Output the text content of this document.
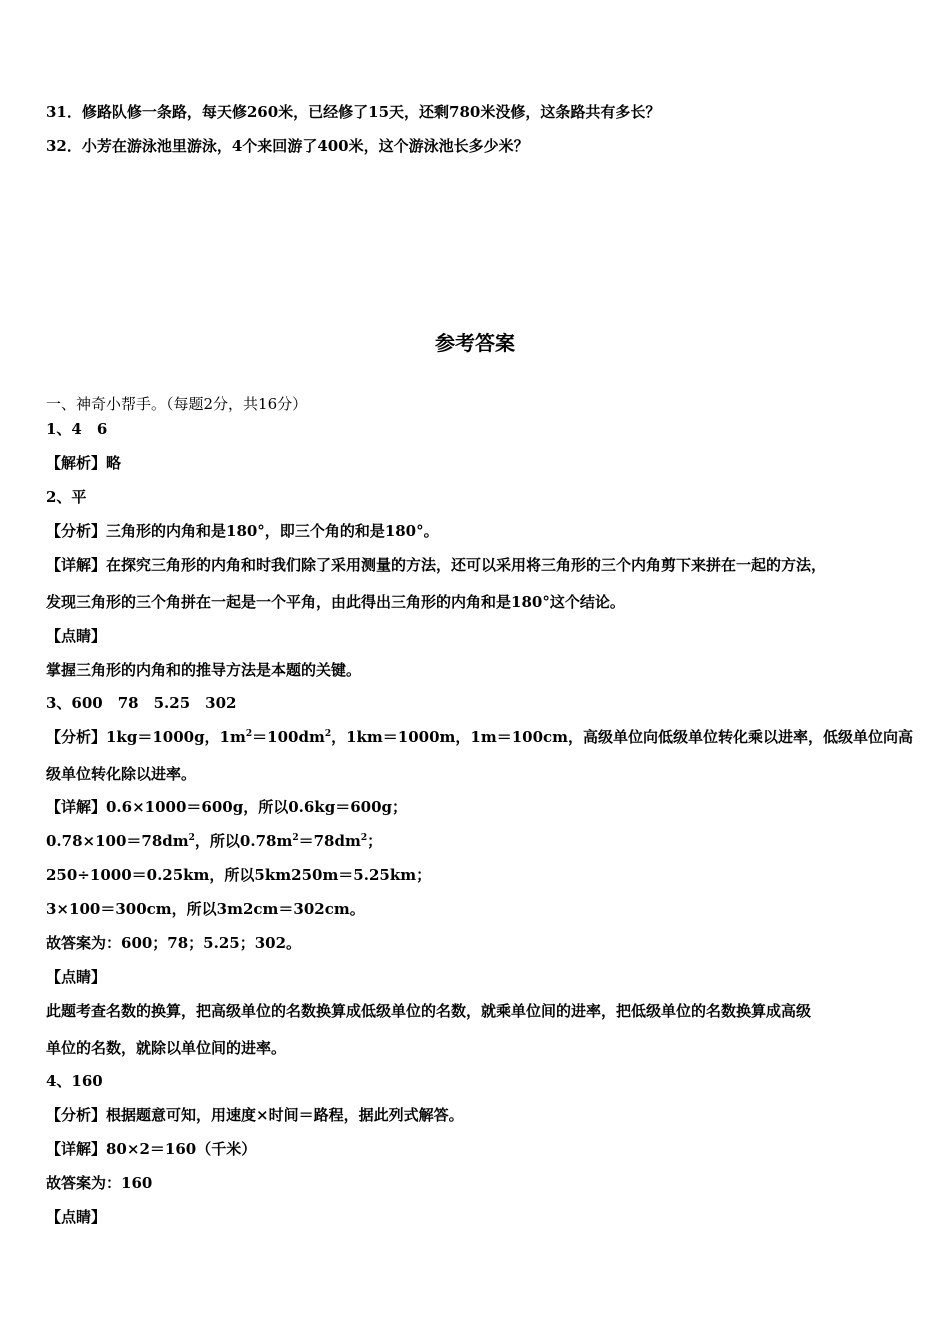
31．修路队修一条路，每天修260米，已经修了15天，还剩780米没修，这条路共有多长？
32．小芳在游泳池里游泳，4个来回游了400米，这个游泳池长多少米？
参考答案
一、神奇小帮手。（每题2分，共16分）
1、4　6
【解析】略
2、平
【分析】三角形的内角和是180°，即三个角的和是180°。
【详解】在探究三角形的内角和时我们除了采用测量的方法，还可以采用将三角形的三个内角剪下来拼在一起的方法，
发现三角形的三个角拼在一起是一个平角，由此得出三角形的内角和是180°这个结论。
【点睛】
掌握三角形的内角和的推导方法是本题的关键。
3、600　78　5.25　302
【分析】1kg＝1000g，$1m^2=100dm^2$，1km＝1000m，1m＝100cm，高级单位向低级单位转化乘以进率，低级单位向高
级单位转化除以进率。
【详解】0.6×1000＝600g，所以0.6kg＝600g；
$0.78\times 100=78dm^2$，所以$0.78m^2=78dm^2$；
250÷1000＝0.25km，所以5km250m＝5.25km；
3×100＝300cm，所以3m2cm＝302cm。
故答案为：600；78；5.25；302。
【点睛】
此题考查名数的换算，把高级单位的名数换算成低级单位的名数，就乘单位间的进率，把低级单位的名数换算成高级
单位的名数，就除以单位间的进率。
4、160
【分析】根据题意可知，用速度×时间＝路程，据此列式解答。
【详解】80×2＝160（千米）
故答案为：160
【点睛】
